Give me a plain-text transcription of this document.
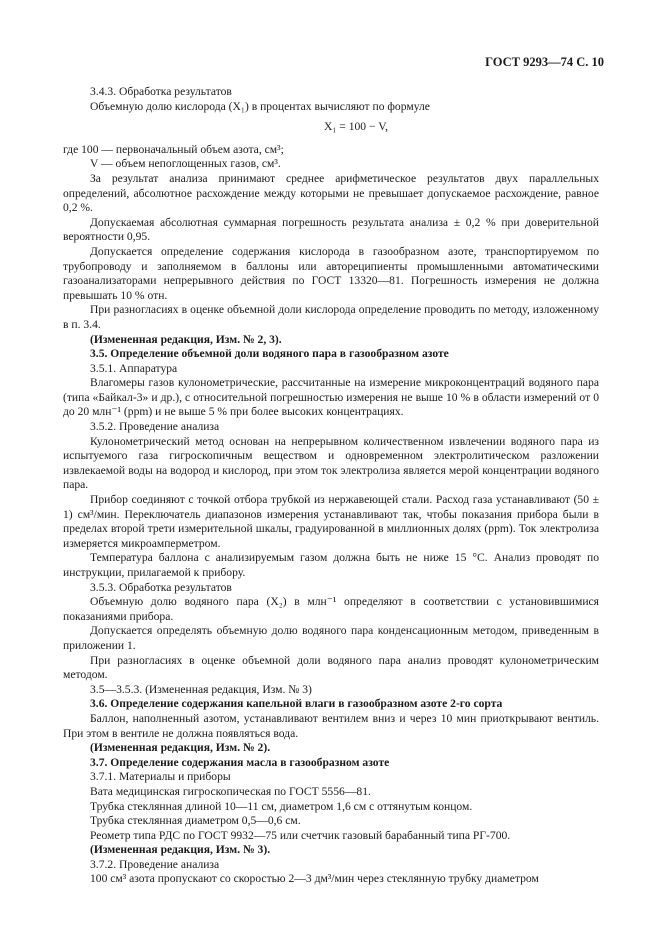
ГОСТ 9293—74 С. 10

3.4.3. Обработка результатов

Объемную долю кислорода (X₁) в процентах вычисляют по формуле

X₁ = 100 − V,

где 100 — первоначальный объем азота, см³;

V — объем непоглощенных газов, см³.

За результат анализа принимают среднее арифметическое результатов двух параллельных определений, абсолютное расхождение между которыми не превышает допускаемое расхождение, равное 0,2 %.

Допускаемая абсолютная суммарная погрешность результата анализа ± 0,2 % при доверительной вероятности 0,95.

Допускается определение содержания кислорода в газообразном азоте, транспортируемом по трубопроводу и заполняемом в баллоны или автореципиенты промышленными автоматическими газоанализаторами непрерывного действия по ГОСТ 13320—81. Погрешность измерения не должна превышать 10 % отн.

При разногласиях в оценке объемной доли кислорода определение проводить по методу, изложенному в п. 3.4.

(Измененная редакция, Изм. № 2, 3).

3.5. Определение объемной доли водяного пара в газообразном азоте

3.5.1. Аппаратура

Влагомеры газов кулонометрические, рассчитанные на измерение микроконцентраций водяного пара (типа «Байкал-3» и др.), с относительной погрешностью измерения не выше 10 % в области измерений от 0 до 20 млн⁻¹ (ppm) и не выше 5 % при более высоких концентрациях.

3.5.2. Проведение анализа

Кулонометрический метод основан на непрерывном количественном извлечении водяного пара из испытуемого газа гигроскопичным веществом и одновременном электролитическом разложении извлекаемой воды на водород и кислород, при этом ток электролиза является мерой концентрации водяного пара.

Прибор соединяют с точкой отбора трубкой из нержавеющей стали. Расход газа устанавливают (50 ± 1) см³/мин. Переключатель диапазонов измерения устанавливают так, чтобы показания прибора были в пределах второй трети измерительной шкалы, градуированной в миллионных долях (ppm). Ток электролиза измеряется микроамперметром.

Температура баллона с анализируемым газом должна быть не ниже 15 °С. Анализ проводят по инструкции, прилагаемой к прибору.

3.5.3. Обработка результатов

Объемную долю водяного пара (X₂) в млн⁻¹ определяют в соответствии с установившимися показаниями прибора.

Допускается определять объемную долю водяного пара конденсационным методом, приведенным в приложении 1.

При разногласиях в оценке объемной доли водяного пара анализ проводят кулонометрическим методом.

3.5—3.5.3. (Измененная редакция, Изм. № 3)

3.6. Определение содержания капельной влаги в газообразном азоте 2-го сорта

Баллон, наполненный азотом, устанавливают вентилем вниз и через 10 мин приоткрывают вентиль. При этом в вентиле не должна появляться вода.

(Измененная редакция, Изм. № 2).

3.7. Определение содержания масла в газообразном азоте

3.7.1. Материалы и приборы

Вата медицинская гигроскопическая по ГОСТ 5556—81.

Трубка стеклянная длиной 10—11 см, диаметром 1,6 см с оттянутым концом.

Трубка стеклянная диаметром 0,5—0,6 см.

Реометр типа РДС по ГОСТ 9932—75 или счетчик газовый барабанный типа РГ-700.

(Измененная редакция, Изм. № 3).

3.7.2. Проведение анализа

100 см³ азота пропускают со скоростью 2—3 дм³/мин через стеклянную трубку диаметром
